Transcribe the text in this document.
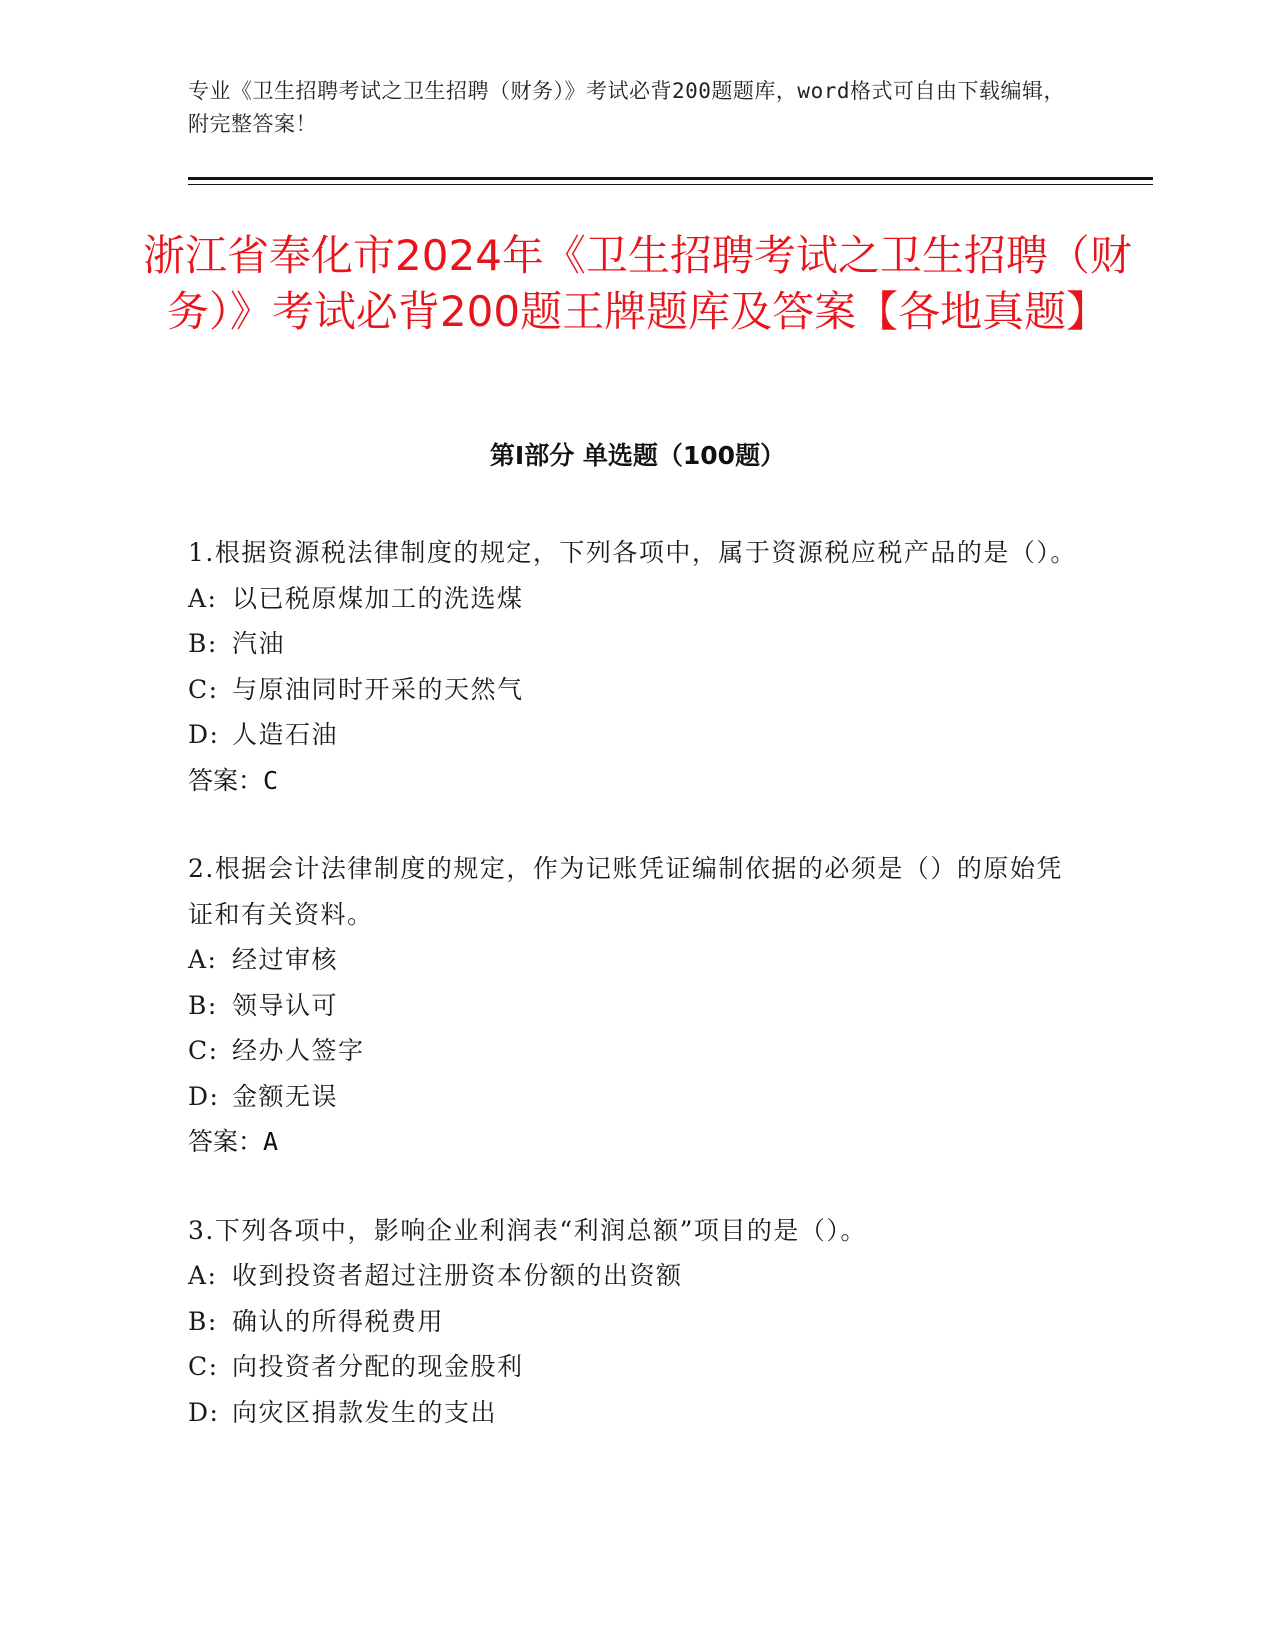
专业《卫生招聘考试之卫生招聘（财务）》考试必背200题题库，word格式可自由下载编辑，附完整答案！
浙江省奉化市2024年《卫生招聘考试之卫生招聘（财务）》考试必背200题王牌题库及答案【各地真题】
第Ⅰ部分 单选题（100题）

1.根据资源税法律制度的规定，下列各项中，属于资源税应税产品的是（）。

A: 以已税原煤加工的洗选煤

B: 汽油

C: 与原油同时开采的天然气

D: 人造石油

答案：C

2.根据会计法律制度的规定，作为记账凭证编制依据的必须是（）的原始凭证和有关资料。

A: 经过审核

B: 领导认可

C: 经办人签字

D: 金额无误

答案：A

3.下列各项中，影响企业利润表“利润总额”项目的是（）。

A: 收到投资者超过注册资本份额的出资额

B: 确认的所得税费用

C: 向投资者分配的现金股利

D: 向灾区捐款发生的支出
